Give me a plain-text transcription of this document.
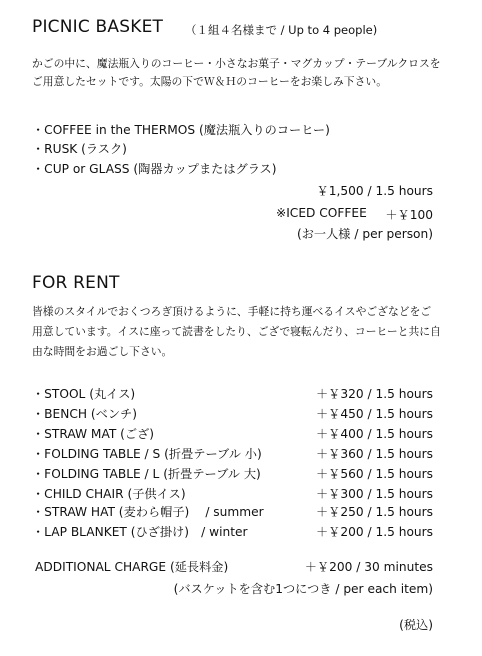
PICNIC BASKET （１組４名様まで / Up to 4 people)
かごの中に、魔法瓶入りのコーヒー・小さなお菓子・マグカップ・テーブルクロスを
ご用意したセットです。太陽の下でＷ＆Ｈのコーヒーをお楽しみ下さい。
・COFFEE in the THERMOS (魔法瓶入りのコーヒー)
・RUSK (ラスク)
・CUP or GLASS (陶器カップまたはグラス)
￥1,500 / 1.5 hours
※ICED COFFEE ＋￥100
(お一人様 / per person)
FOR RENT
皆様のスタイルでおくつろぎ頂けるように、手軽に持ち運べるイスやござなどをご
用意しています。イスに座って読書をしたり、ござで寝転んだり、コーヒーと共に自
由な時間をお過ごし下さい。
・STOOL (丸イス)	＋￥320 / 1.5 hours
・BENCH (ベンチ)	＋￥450 / 1.5 hours
・STRAW MAT (ござ)	＋￥400 / 1.5 hours
・FOLDING TABLE / S (折畳テーブル 小)	＋￥360 / 1.5 hours
・FOLDING TABLE / L (折畳テーブル 大)	＋￥560 / 1.5 hours
・CHILD CHAIR (子供イス)	＋￥300 / 1.5 hours
・STRAW HAT (麦わら帽子)　 / summer	＋￥250 / 1.5 hours
・LAP BLANKET (ひざ掛け)　/ winter	＋￥200 / 1.5 hours
ADDITIONAL CHARGE (延長料金)	＋￥200 / 30 minutes
(バスケットを含む1つにつき / per each item)
(税込)
